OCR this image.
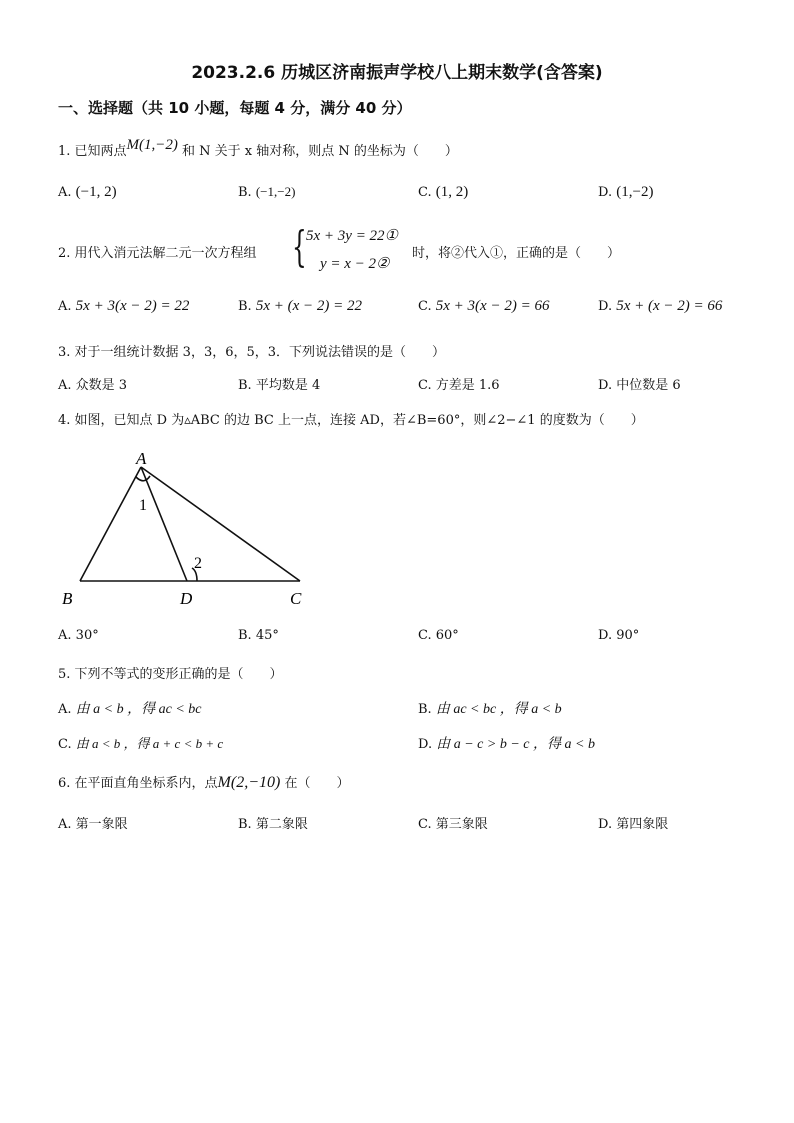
2023.2.6 历城区济南振声学校八上期末数学(含答案)
一、选择题（共 10 小题，每题 4 分，满分 40 分）
1. 已知两点M(1,−2) 和 N 关于 x 轴对称，则点 N 的坐标为（　　）
A. (−1, 2)	B. (−1,−2)	C. (1, 2)	D. (1,−2)
2. 用代入消元法解二元一次方程组 { 5x + 3y = 22①
y = x − 2②
时，将②代入①，正确的是（　　）
A. 5x + 3(x − 2) = 22	B. 5x + (x − 2) = 22	C. 5x + 3(x − 2) = 66	D. 5x + (x − 2) = 66
3. 对于一组统计数据 3，3，6，5，3．下列说法错误的是（　　）
A. 众数是 3	B. 平均数是 4	C. 方差是 1.6	D. 中位数是 6
4. 如图，已知点 D 为▵ABC 的边 BC 上一点，连接 AD，若∠B=60°，则∠2−∠1 的度数为（　　）
A
B	D	C
1
2
A. 30°	B. 45°	C. 60°	D. 90°
5. 下列不等式的变形正确的是（　　）
A. 由 a < b ，得 ac < bc	B. 由 ac < bc ，得 a < b
C. 由 a < b ，得 a + c < b + c	D. 由 a − c > b − c ，得 a < b
6. 在平面直角坐标系内，点M(2,−10) 在（　　）
A. 第一象限	B. 第二象限	C. 第三象限	D. 第四象限
